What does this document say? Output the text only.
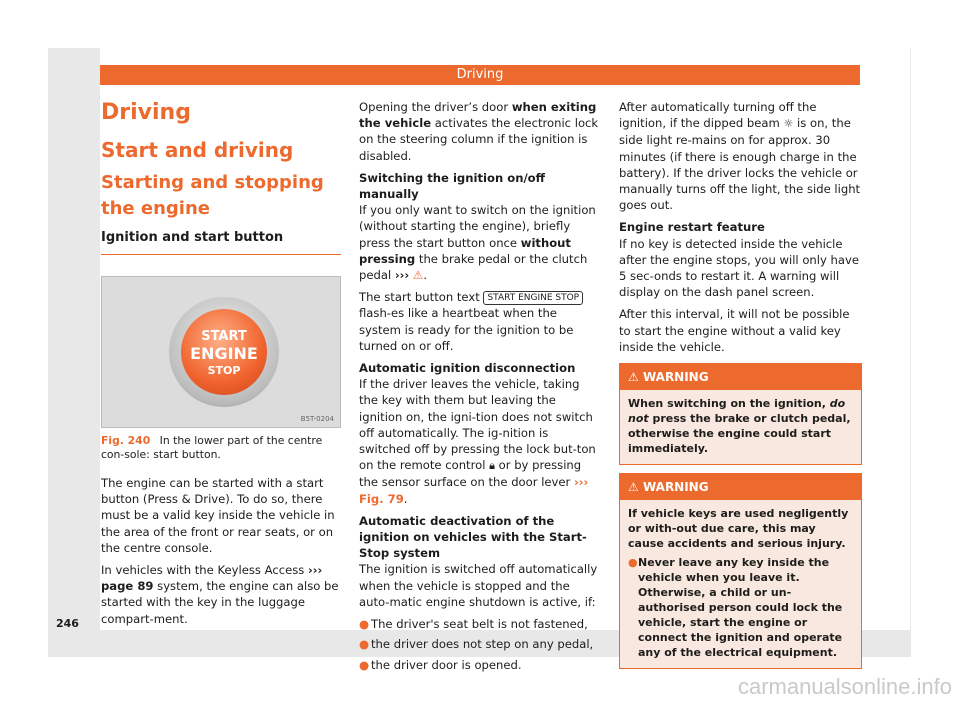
Driving
Driving
Start and driving
Starting and stopping the engine
Ignition and start button
START
ENGINE
STOP
B5T-0204
Fig. 240 In the lower part of the centre con-sole: start button.

The engine can be started with a start button (Press & Drive). To do so, there must be a valid key inside the vehicle in the area of the front or rear seats, or on the centre console.

In vehicles with the Keyless Access ››› page 89 system, the engine can also be started with the key in the luggage compart-ment.

Opening the driver’s door when exiting the vehicle activates the electronic lock on the steering column if the ignition is disabled.

Switching the ignition on/off manually

If you only want to switch on the ignition (without starting the engine), briefly press the start button once without pressing the brake pedal or the clutch pedal ››› ⚠.

The start button text START ENGINE STOP flash-es like a heartbeat when the system is ready for the ignition to be turned on or off.

Automatic ignition disconnection

If the driver leaves the vehicle, taking the key with them but leaving the ignition on, the igni-tion does not switch off automatically. The ig-nition is switched off by pressing the lock but-ton on the remote control 🔒︎ or by pressing the sensor surface on the door lever ››› Fig. 79.

Automatic deactivation of the ignition on vehicles with the Start-Stop system

The ignition is switched off automatically when the vehicle is stopped and the auto-matic engine shutdown is active, if:

● The driver's seat belt is not fastened,
● the driver does not step on any pedal,
● the driver door is opened.

After automatically turning off the ignition, if the dipped beam ☼ is on, the side light re-mains on for approx. 30 minutes (if there is enough charge in the battery). If the driver locks the vehicle or manually turns off the light, the side light goes out.

Engine restart feature

If no key is detected inside the vehicle after the engine stops, you will only have 5 sec-onds to restart it. A warning will display on the dash panel screen.

After this interval, it will not be possible to start the engine without a valid key inside the vehicle.

⚠ WARNING
When switching on the ignition, do not press the brake or clutch pedal, otherwise the engine could start immediately.
⚠ WARNING
If vehicle keys are used negligently or with-out due care, this may cause accidents and serious injury.
● Never leave any key inside the vehicle when you leave it. Otherwise, a child or un-authorised person could lock the vehicle, start the engine or connect the ignition and operate any of the electrical equipment.
246
carmanualsonline.info
